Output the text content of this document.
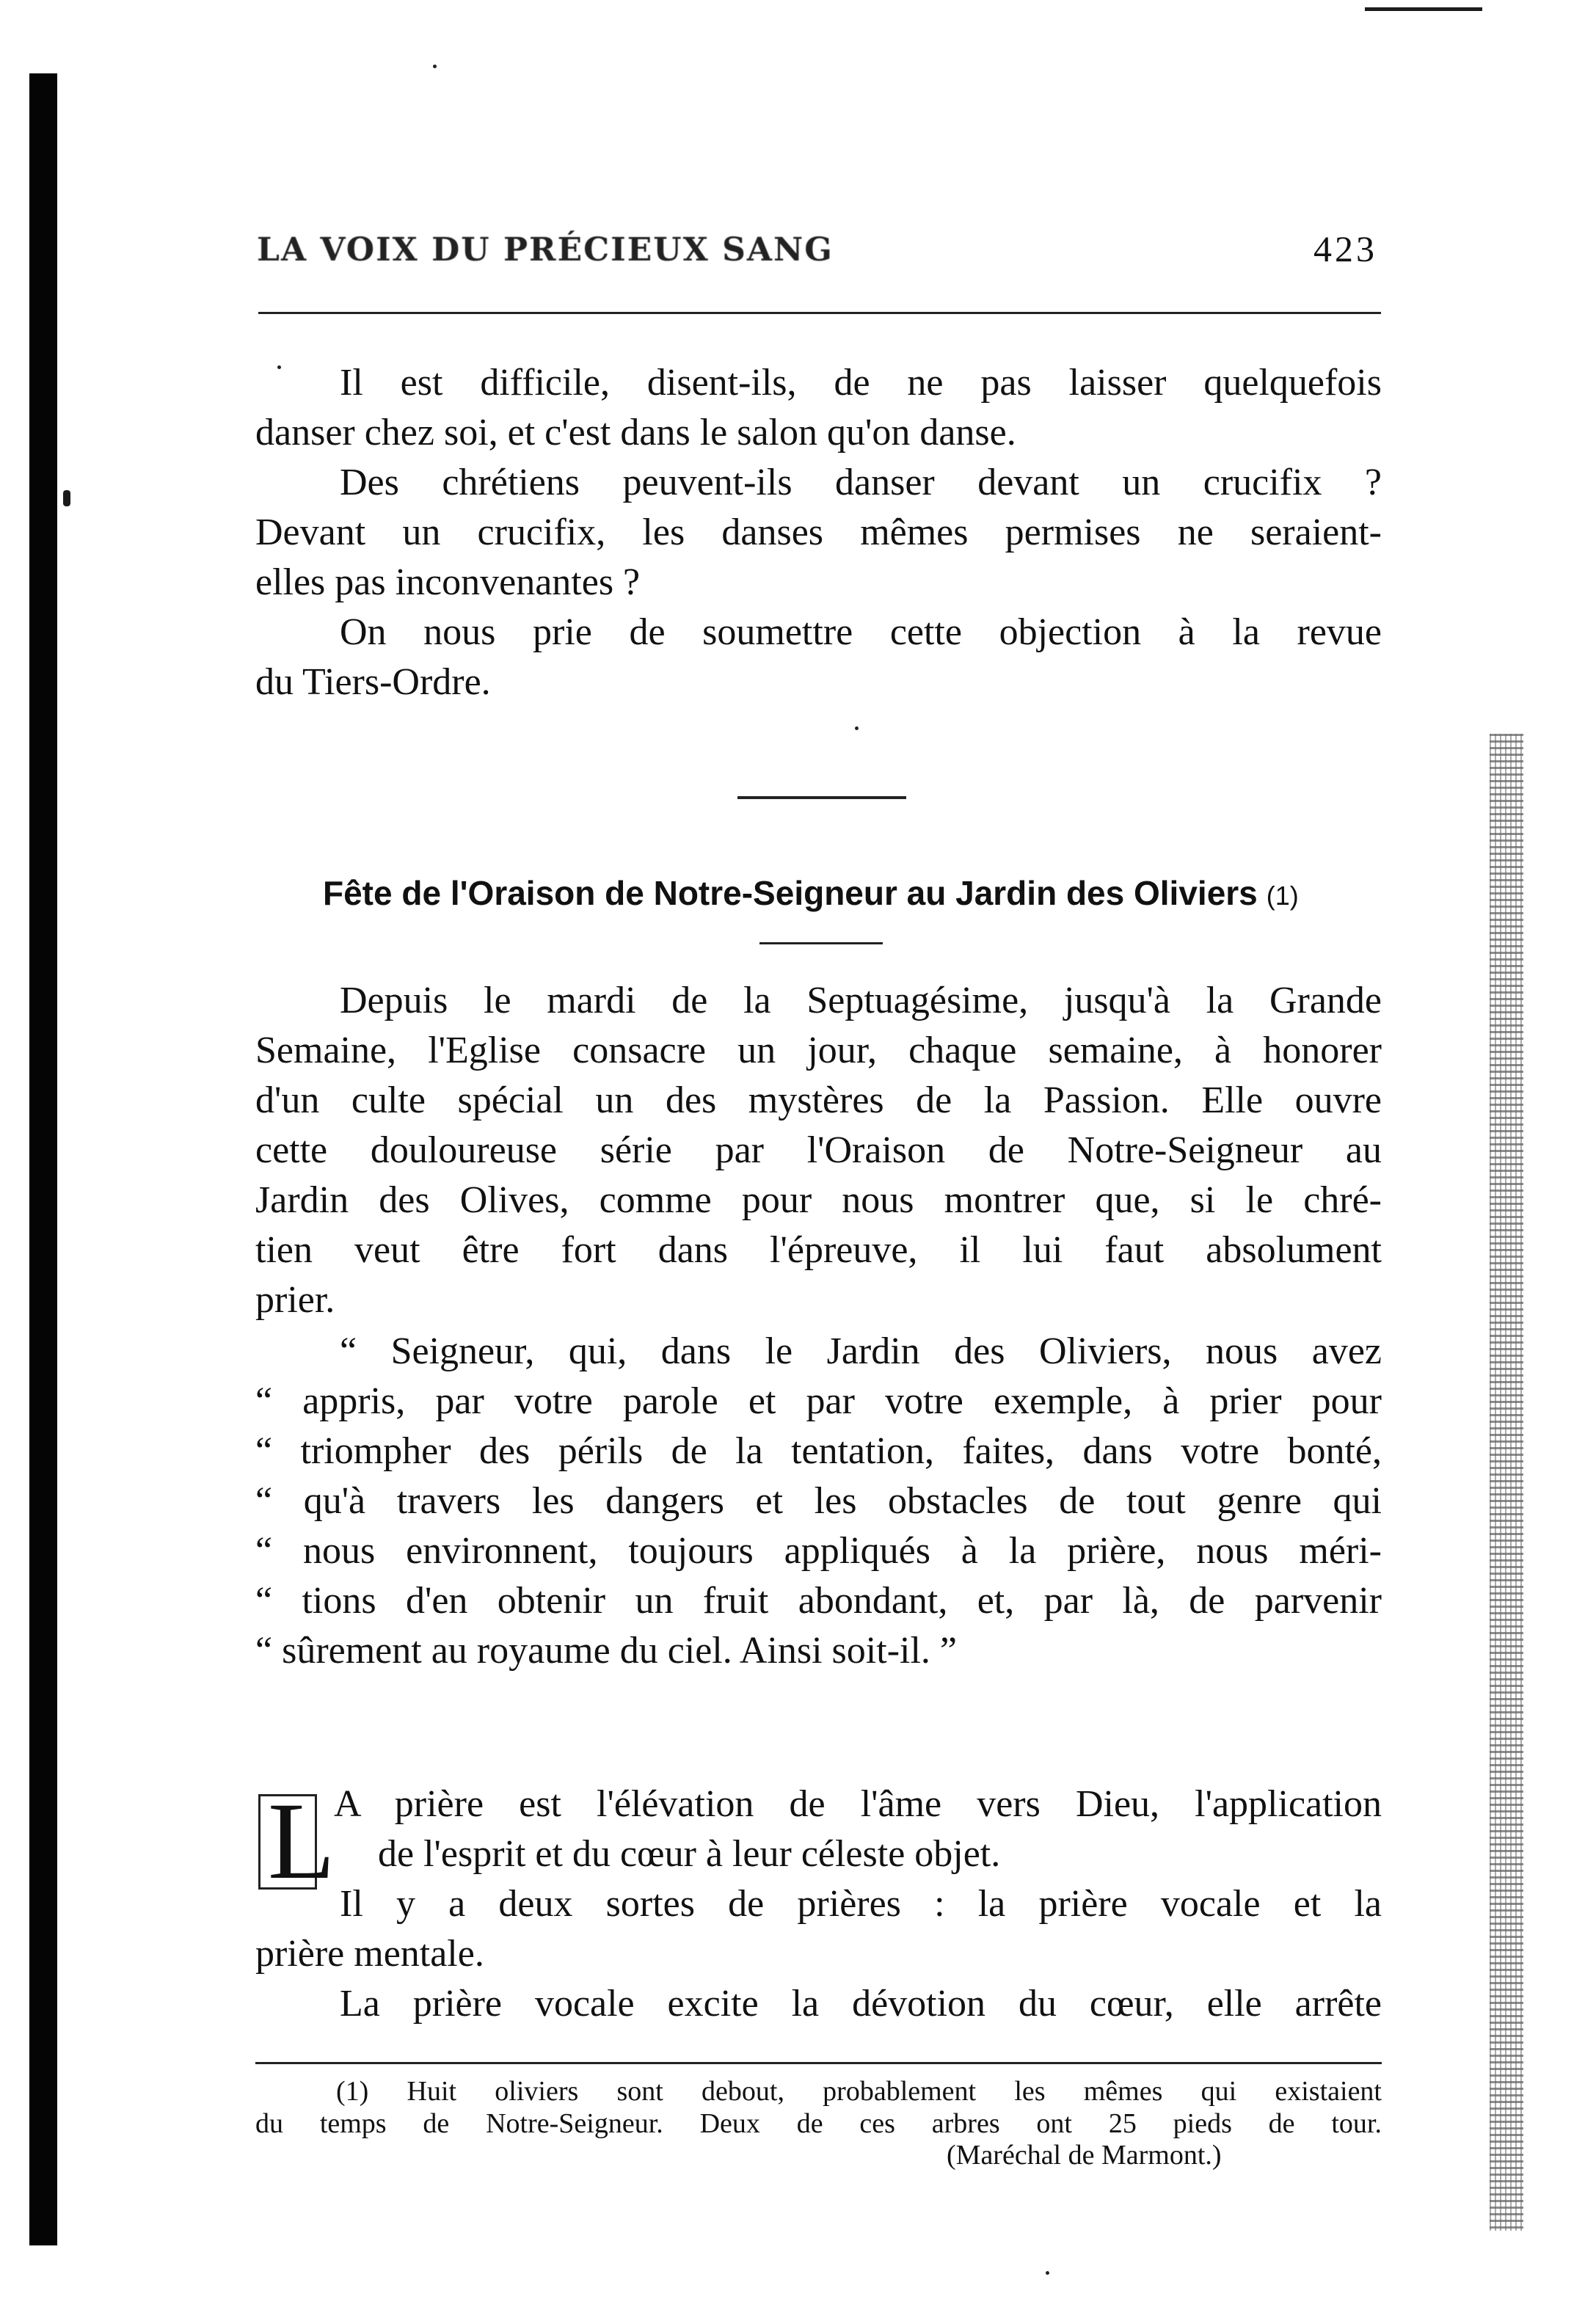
LA VOIX DU PRÉCIEUX SANG	423
Il est difficile, disent-ils, de ne pas laisser quelquefois
danser chez soi, et c'est dans le salon qu'on danse.
Des chrétiens peuvent-ils danser devant un crucifix ?
Devant un crucifix, les danses mêmes permises ne seraient-
elles pas inconvenantes ?
On nous prie de soumettre cette objection à la revue
du Tiers-Ordre.
Fête de l'Oraison de Notre-Seigneur au Jardin des Oliviers (1)
Depuis le mardi de la Septuagésime, jusqu'à la Grande
Semaine, l'Eglise consacre un jour, chaque semaine, à honorer
d'un culte spécial un des mystères de la Passion. Elle ouvre
cette douloureuse série par l'Oraison de Notre-Seigneur au
Jardin des Olives, comme pour nous montrer que, si le chré-
tien veut être fort dans l'épreuve, il lui faut absolument
prier.
“ Seigneur, qui, dans le Jardin des Oliviers, nous avez
“ appris, par votre parole et par votre exemple, à prier pour
“ triompher des périls de la tentation, faites, dans votre bonté,
“ qu'à travers les dangers et les obstacles de tout genre qui
“ nous environnent, toujours appliqués à la prière, nous méri-
“ tions d'en obtenir un fruit abondant, et, par là, de parvenir
“ sûrement au royaume du ciel. Ainsi soit-il. ”
L
A prière est l'élévation de l'âme vers Dieu, l'application
de l'esprit et du cœur à leur céleste objet.
Il y a deux sortes de prières : la prière vocale et la
prière mentale.
La prière vocale excite la dévotion du cœur, elle arrête
(1) Huit oliviers sont debout, probablement les mêmes qui existaient
du temps de Notre-Seigneur. Deux de ces arbres ont 25 pieds de tour.
(Maréchal de Marmont.)
